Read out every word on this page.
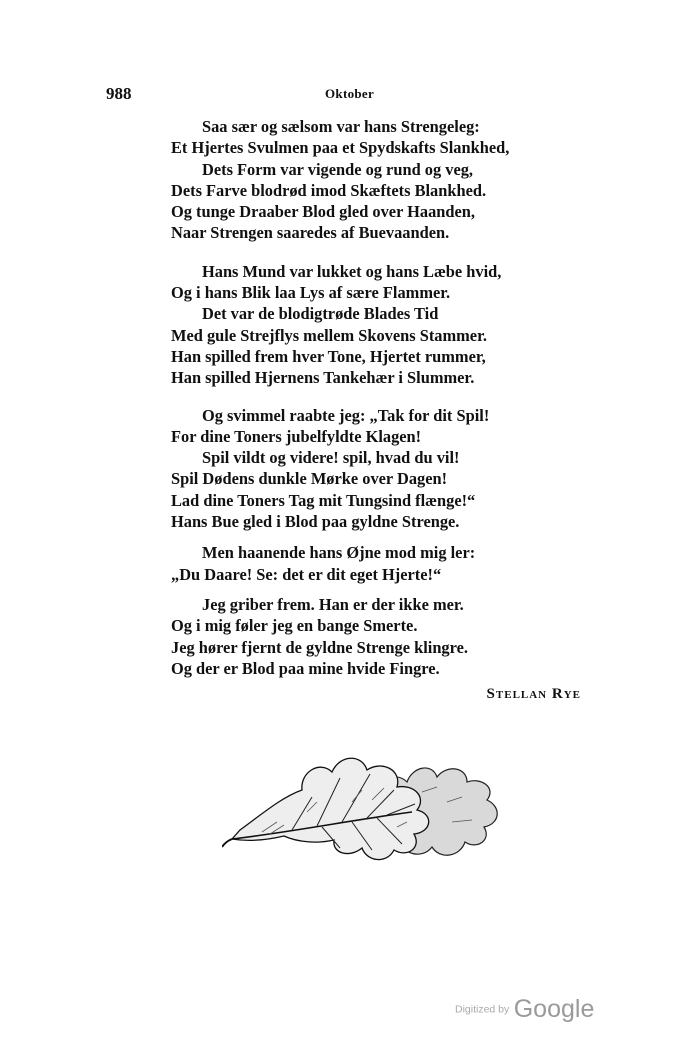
988	Oktober
Saa sær og sælsom var hans Strengeleg:
Et Hjertes Svulmen paa et Spydskafts Slankhed,
Dets Form var vigende og rund og veg,
Dets Farve blodrød imod Skæftets Blankhed.
Og tunge Draaber Blod gled over Haanden,
Naar Strengen saaredes af Buevaanden.
Hans Mund var lukket og hans Læbe hvid,
Og i hans Blik laa Lys af sære Flammer.
Det var de blodigtrøde Blades Tid
Med gule Strejflys mellem Skovens Stammer.
Han spilled frem hver Tone, Hjertet rummer,
Han spilled Hjernens Tankehær i Slummer.
Og svimmel raabte jeg: „Tak for dit Spil!
For dine Toners jubelfyldte Klagen!
Spil vildt og videre! spil, hvad du vil!
Spil Dødens dunkle Mørke over Dagen!
Lad dine Toners Tag mit Tungsind flænge!“
Hans Bue gled i Blod paa gyldne Strenge.
Men haanende hans Øjne mod mig ler:
„Du Daare! Se: det er dit eget Hjerte!“
Jeg griber frem. Han er der ikke mer.
Og i mig føler jeg en bange Smerte.
Jeg hører fjernt de gyldne Strenge klingre.
Og der er Blod paa mine hvide Fingre.
Stellan Rye
Digitized by Google
